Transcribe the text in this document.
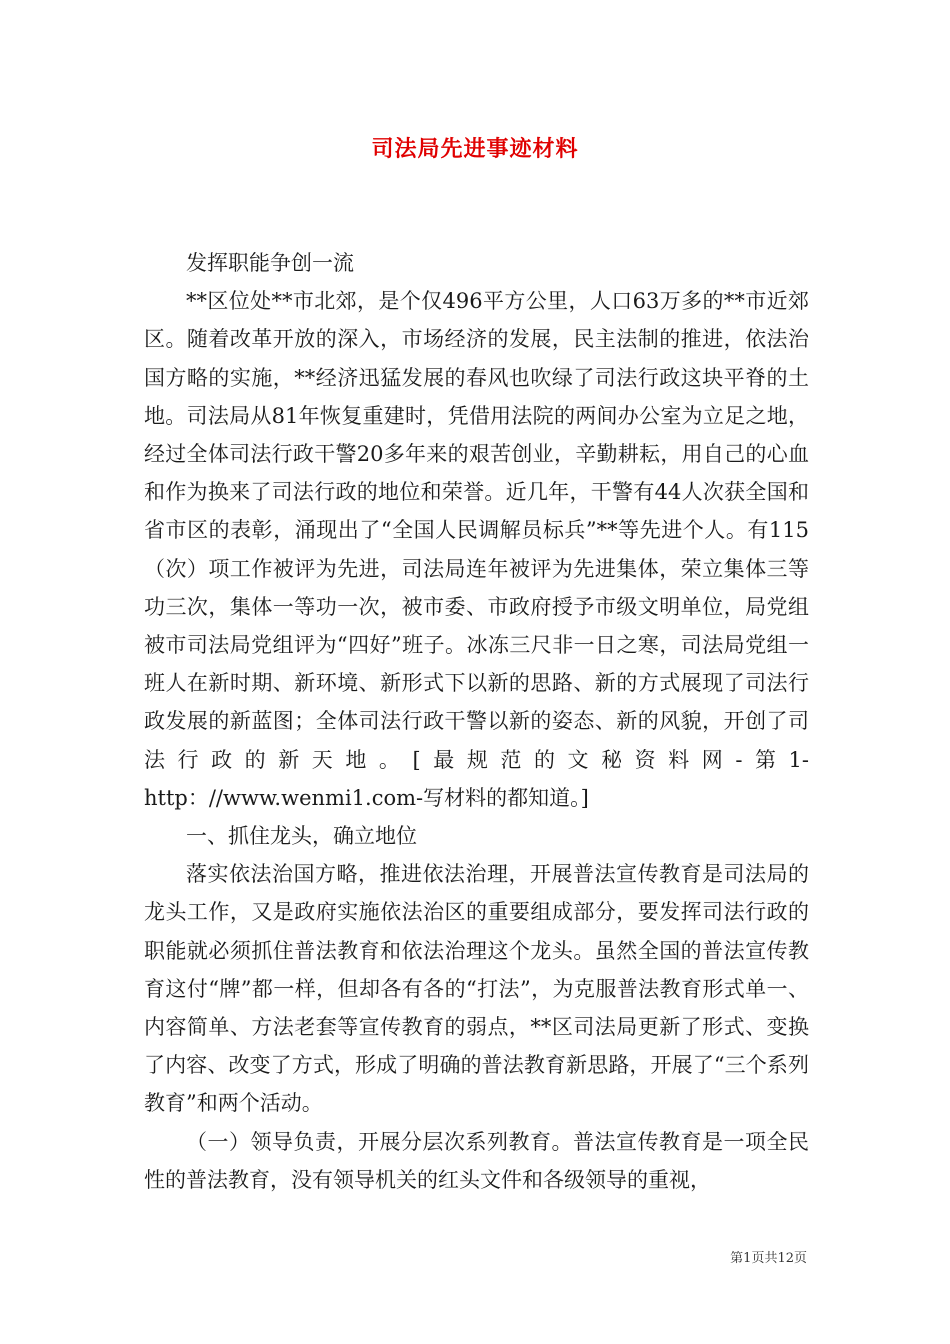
司法局先进事迹材料

发挥职能争创一流

**区位处**市北郊，是个仅496平方公里，人口63万多的**市近郊区。随着改革开放的深入，市场经济的发展，民主法制的推进，依法治国方略的实施，**经济迅猛发展的春风也吹绿了司法行政这块平脊的土地。司法局从81年恢复重建时，凭借用法院的两间办公室为立足之地，经过全体司法行政干警20多年来的艰苦创业，辛勤耕耘，用自己的心血和作为换来了司法行政的地位和荣誉。近几年，干警有44人次获全国和省市区的表彰，涌现出了“全国人民调解员标兵”**等先进个人。有115（次）项工作被评为先进，司法局连年被评为先进集体，荣立集体三等功三次，集体一等功一次，被市委、市政府授予市级文明单位，局党组被市司法局党组评为“四好”班子。冰冻三尺非一日之寒，司法局党组一班人在新时期、新环境、新形式下以新的思路、新的方式展现了司法行政发展的新蓝图；全体司法行政干警以新的姿态、新的风貌，开创了司法行政的新天地。[最规范的文秘资料网-第1-http：//www.wenmi1.com-写材料的都知道。]

一、抓住龙头，确立地位

落实依法治国方略，推进依法治理，开展普法宣传教育是司法局的龙头工作，又是政府实施依法治区的重要组成部分，要发挥司法行政的职能就必须抓住普法教育和依法治理这个龙头。虽然全国的普法宣传教育这付“牌”都一样，但却各有各的“打法”，为克服普法教育形式单一、内容简单、方法老套等宣传教育的弱点，**区司法局更新了形式、变换了内容、改变了方式，形成了明确的普法教育新思路，开展了“三个系列教育”和两个活动。

（一）领导负责，开展分层次系列教育。普法宣传教育是一项全民性的普法教育，没有领导机关的红头文件和各级领导的重视，

第1页共12页
